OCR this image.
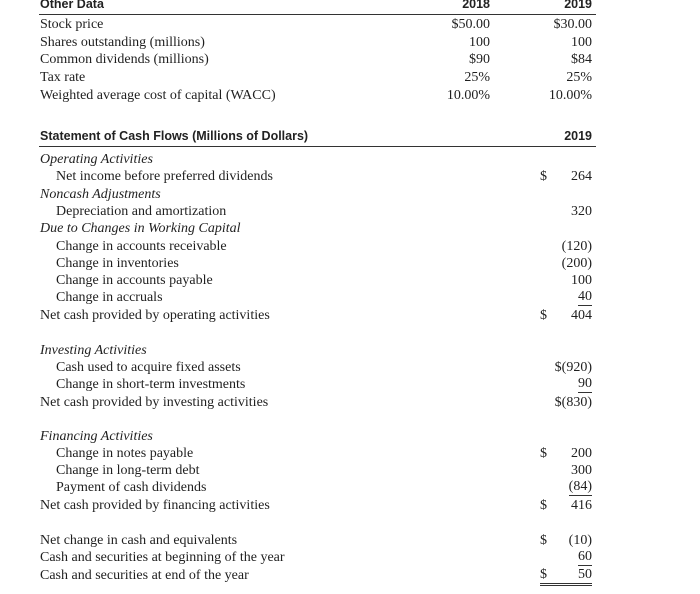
Other Data	2018	2019
Stock price	$50.00	$30.00
Shares outstanding (millions)	100	100
Common dividends (millions)	$90	$84
Tax rate	25%	25%
Weighted average cost of capital (WACC)	10.00%	10.00%
Statement of Cash Flows (Millions of Dollars)	2019
Operating Activities
Net income before preferred dividends	$ 264
Noncash Adjustments
Depreciation and amortization	320
Due to Changes in Working Capital
Change in accounts receivable	(120)
Change in inventories	(200)
Change in accounts payable	100
Change in accruals	40
Net cash provided by operating activities	$ 404
Investing Activities
Cash used to acquire fixed assets	$(920)
Change in short-term investments	90
Net cash provided by investing activities	$(830)
Financing Activities
Change in notes payable	$ 200
Change in long-term debt	300
Payment of cash dividends	(84)
Net cash provided by financing activities	$ 416
Net change in cash and equivalents	$ (10)
Cash and securities at beginning of the year	60
Cash and securities at end of the year	$ 50
